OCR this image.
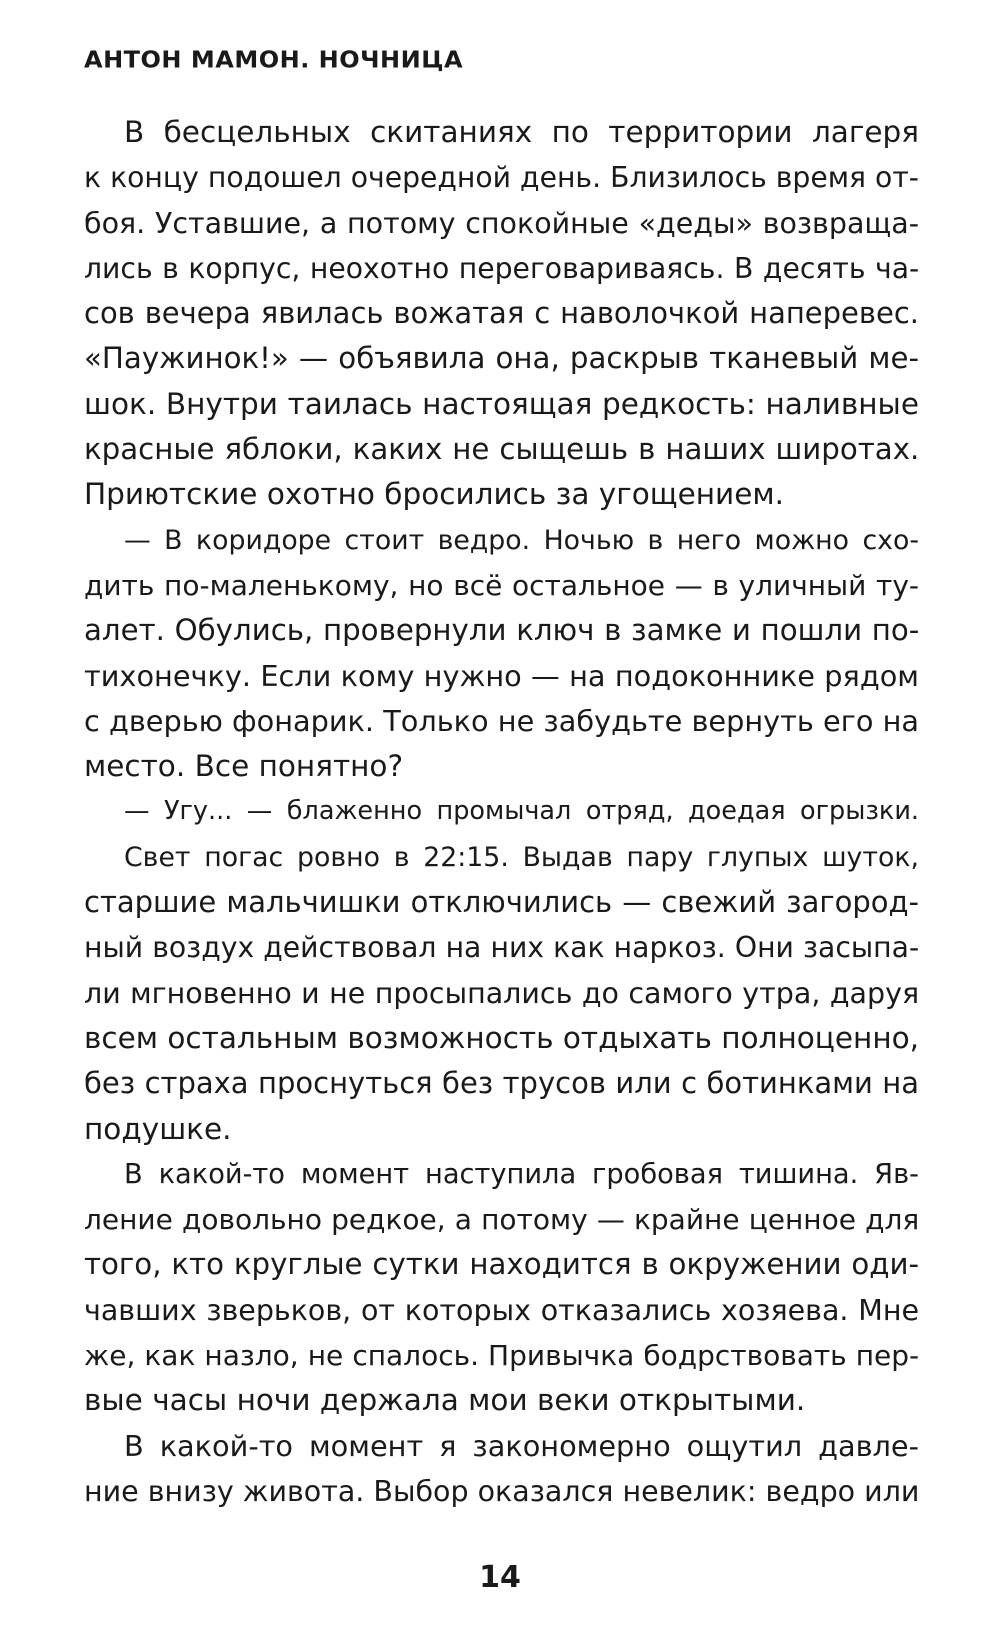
АНТОН МАМОН. НОЧНИЦА
В бесцельных скитаниях по территории лагеря
к концу подошел очередной день. Близилось время от-
боя. Уставшие, а потому спокойные «деды» возвраща-
лись в корпус, неохотно переговариваясь. В десять ча-
сов вечера явилась вожатая с наволочкой наперевес.
«Паужинок!» — объявила она, раскрыв тканевый ме-
шок. Внутри таилась настоящая редкость: наливные
красные яблоки, каких не сыщешь в наших широтах.
Приютские охотно бросились за угощением.
— В коридоре стоит ведро. Ночью в него можно схо-
дить по-маленькому, но всё остальное — в уличный ту-
алет. Обулись, провернули ключ в замке и пошли по-
тихонечку. Если кому нужно — на подоконнике рядом
с дверью фонарик. Только не забудьте вернуть его на
место. Все понятно?
— Угу... — блаженно промычал отряд, доедая огрызки.
Свет погас ровно в 22:15. Выдав пару глупых шуток,
старшие мальчишки отключились — свежий загород-
ный воздух действовал на них как наркоз. Они засыпа-
ли мгновенно и не просыпались до самого утра, даруя
всем остальным возможность отдыхать полноценно,
без страха проснуться без трусов или с ботинками на
подушке.
В какой-то момент наступила гробовая тишина. Яв-
ление довольно редкое, а потому — крайне ценное для
того, кто круглые сутки находится в окружении оди-
чавших зверьков, от которых отказались хозяева. Мне
же, как назло, не спалось. Привычка бодрствовать пер-
вые часы ночи держала мои веки открытыми.
В какой-то момент я закономерно ощутил давле-
ние внизу живота. Выбор оказался невелик: ведро или
14
